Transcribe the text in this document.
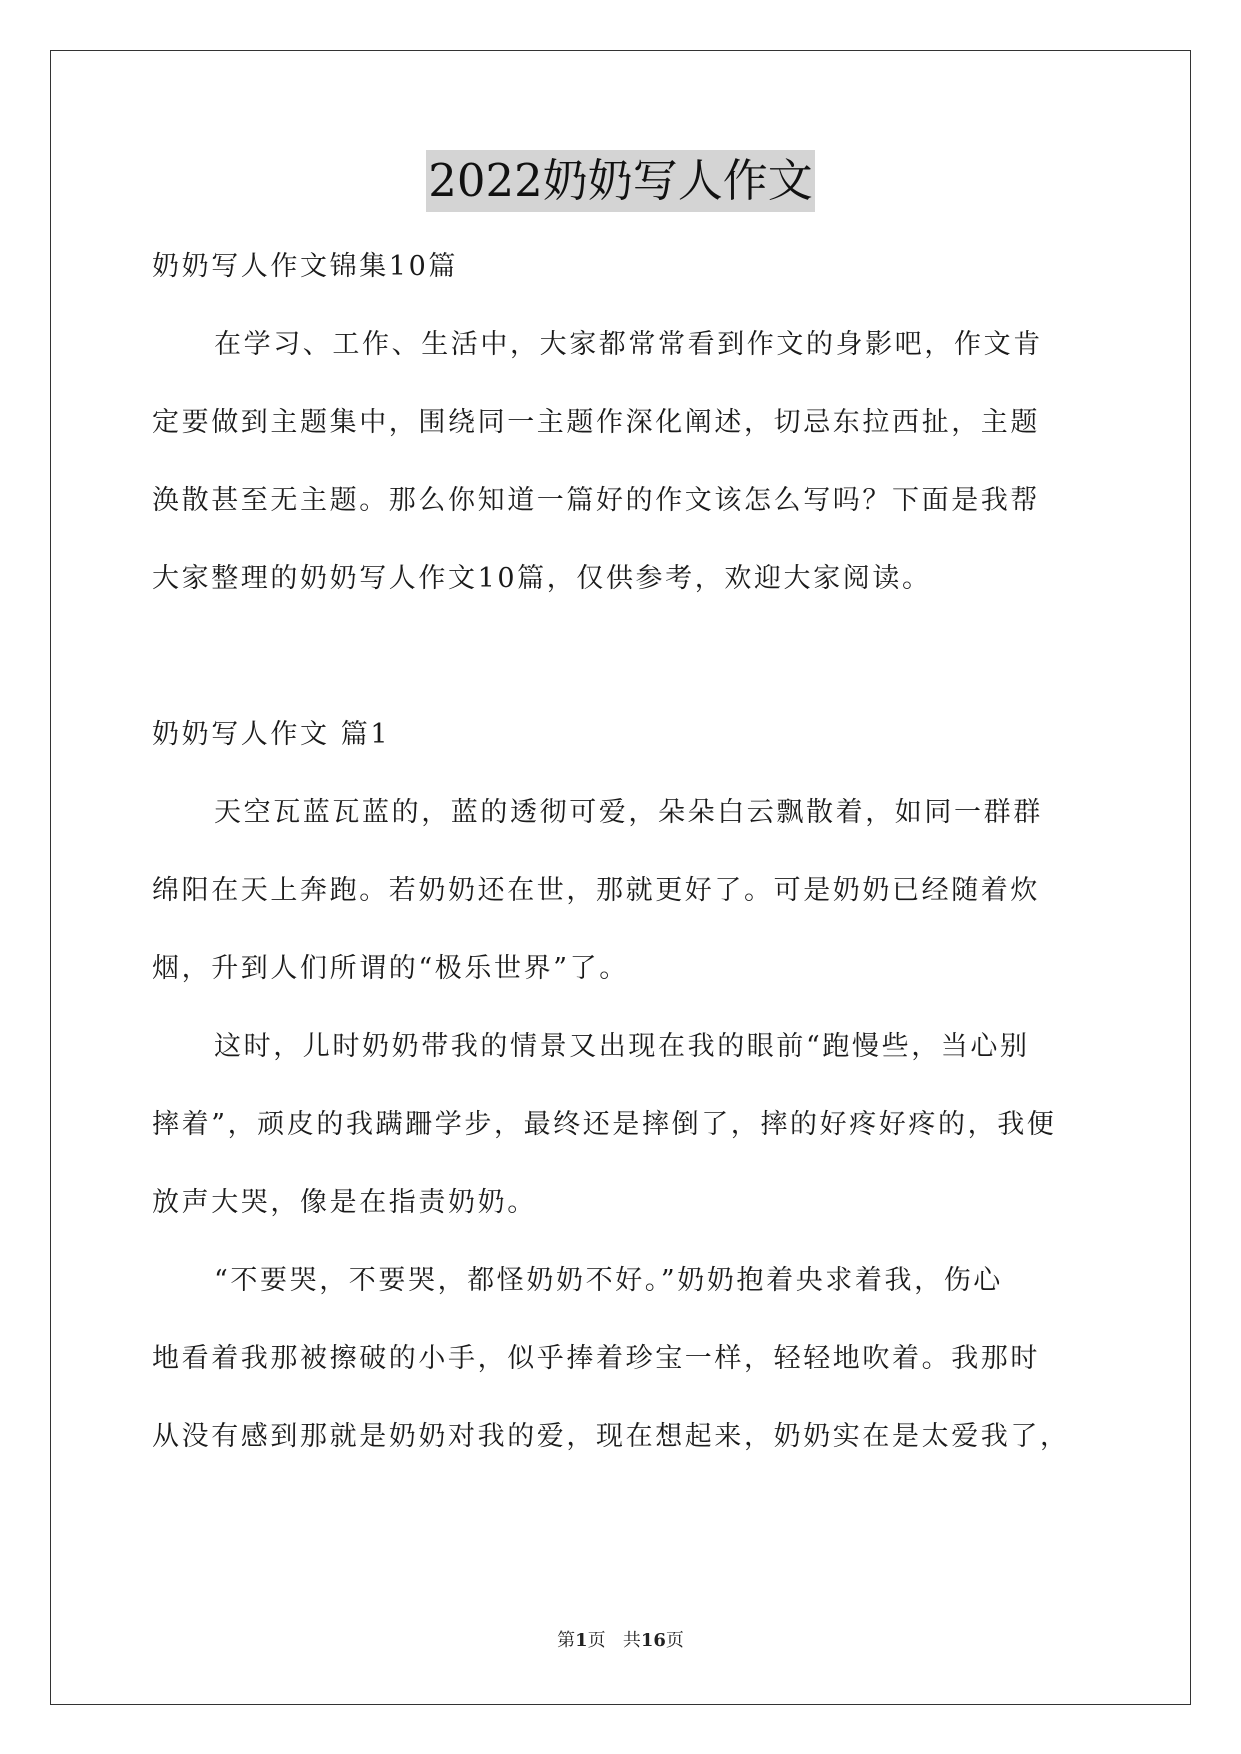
2022奶奶写人作文
奶奶写人作文锦集10篇
在学习、工作、生活中，大家都常常看到作文的身影吧，作文肯
定要做到主题集中，围绕同一主题作深化阐述，切忌东拉西扯，主题
涣散甚至无主题。那么你知道一篇好的作文该怎么写吗？下面是我帮
大家整理的奶奶写人作文10篇，仅供参考，欢迎大家阅读。
奶奶写人作文 篇1
天空瓦蓝瓦蓝的，蓝的透彻可爱，朵朵白云飘散着，如同一群群
绵阳在天上奔跑。若奶奶还在世，那就更好了。可是奶奶已经随着炊
烟，升到人们所谓的“极乐世界”了。
这时，儿时奶奶带我的情景又出现在我的眼前“跑慢些，当心别
摔着”，顽皮的我蹒跚学步，最终还是摔倒了，摔的好疼好疼的，我便
放声大哭，像是在指责奶奶。
“不要哭，不要哭，都怪奶奶不好。”奶奶抱着央求着我，伤心
地看着我那被擦破的小手，似乎捧着珍宝一样，轻轻地吹着。我那时
从没有感到那就是奶奶对我的爱，现在想起来，奶奶实在是太爱我了，
第1页 共16页
